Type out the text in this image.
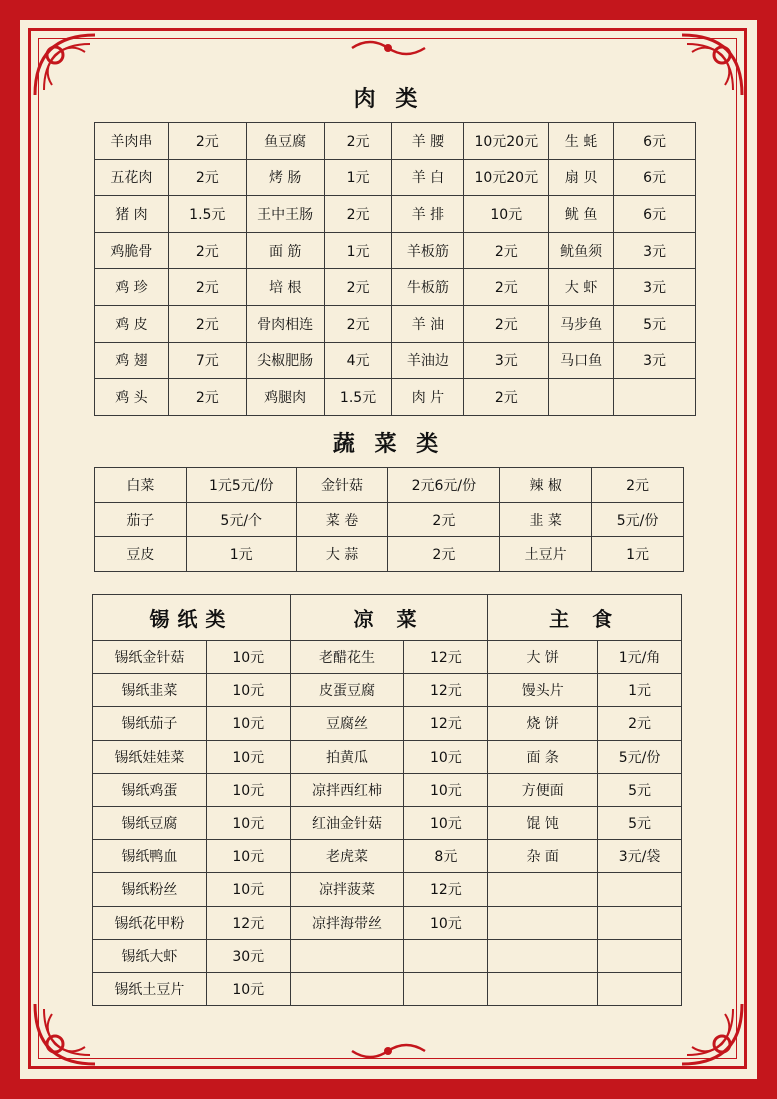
肉 类
羊肉串	2元	鱼豆腐	2元	羊 腰	10元20元	生 蚝	6元
五花肉	2元	烤 肠	1元	羊 白	10元20元	扇 贝	6元
猪 肉	1.5元	王中王肠	2元	羊 排	10元	鱿 鱼	6元
鸡脆骨	2元	面 筋	1元	羊板筋	2元	鱿鱼须	3元
鸡 珍	2元	培 根	2元	牛板筋	2元	大 虾	3元
鸡 皮	2元	骨肉相连	2元	羊 油	2元	马步鱼	5元
鸡 翅	7元	尖椒肥肠	4元	羊油边	3元	马口鱼	3元
鸡 头	2元	鸡腿肉	1.5元	肉 片	2元		
蔬 菜 类
白菜	1元5元/份	金针菇	2元6元/份	辣 椒	2元
茄子	5元/个	菜 卷	2元	韭 菜	5元/份
豆皮	1元	大 蒜	2元	土豆片	1元
锡纸类		凉 菜		主 食	
锡纸金针菇	10元	老醋花生	12元	大 饼	1元/角
锡纸韭菜	10元	皮蛋豆腐	12元	馒头片	1元
锡纸茄子	10元	豆腐丝	12元	烧 饼	2元
锡纸娃娃菜	10元	拍黄瓜	10元	面 条	5元/份
锡纸鸡蛋	10元	凉拌西红柿	10元	方便面	5元
锡纸豆腐	10元	红油金针菇	10元	馄 饨	5元
锡纸鸭血	10元	老虎菜	8元	杂 面	3元/袋
锡纸粉丝	10元	凉拌菠菜	12元		
锡纸花甲粉	12元	凉拌海带丝	10元		
锡纸大虾	30元				
锡纸土豆片	10元				
